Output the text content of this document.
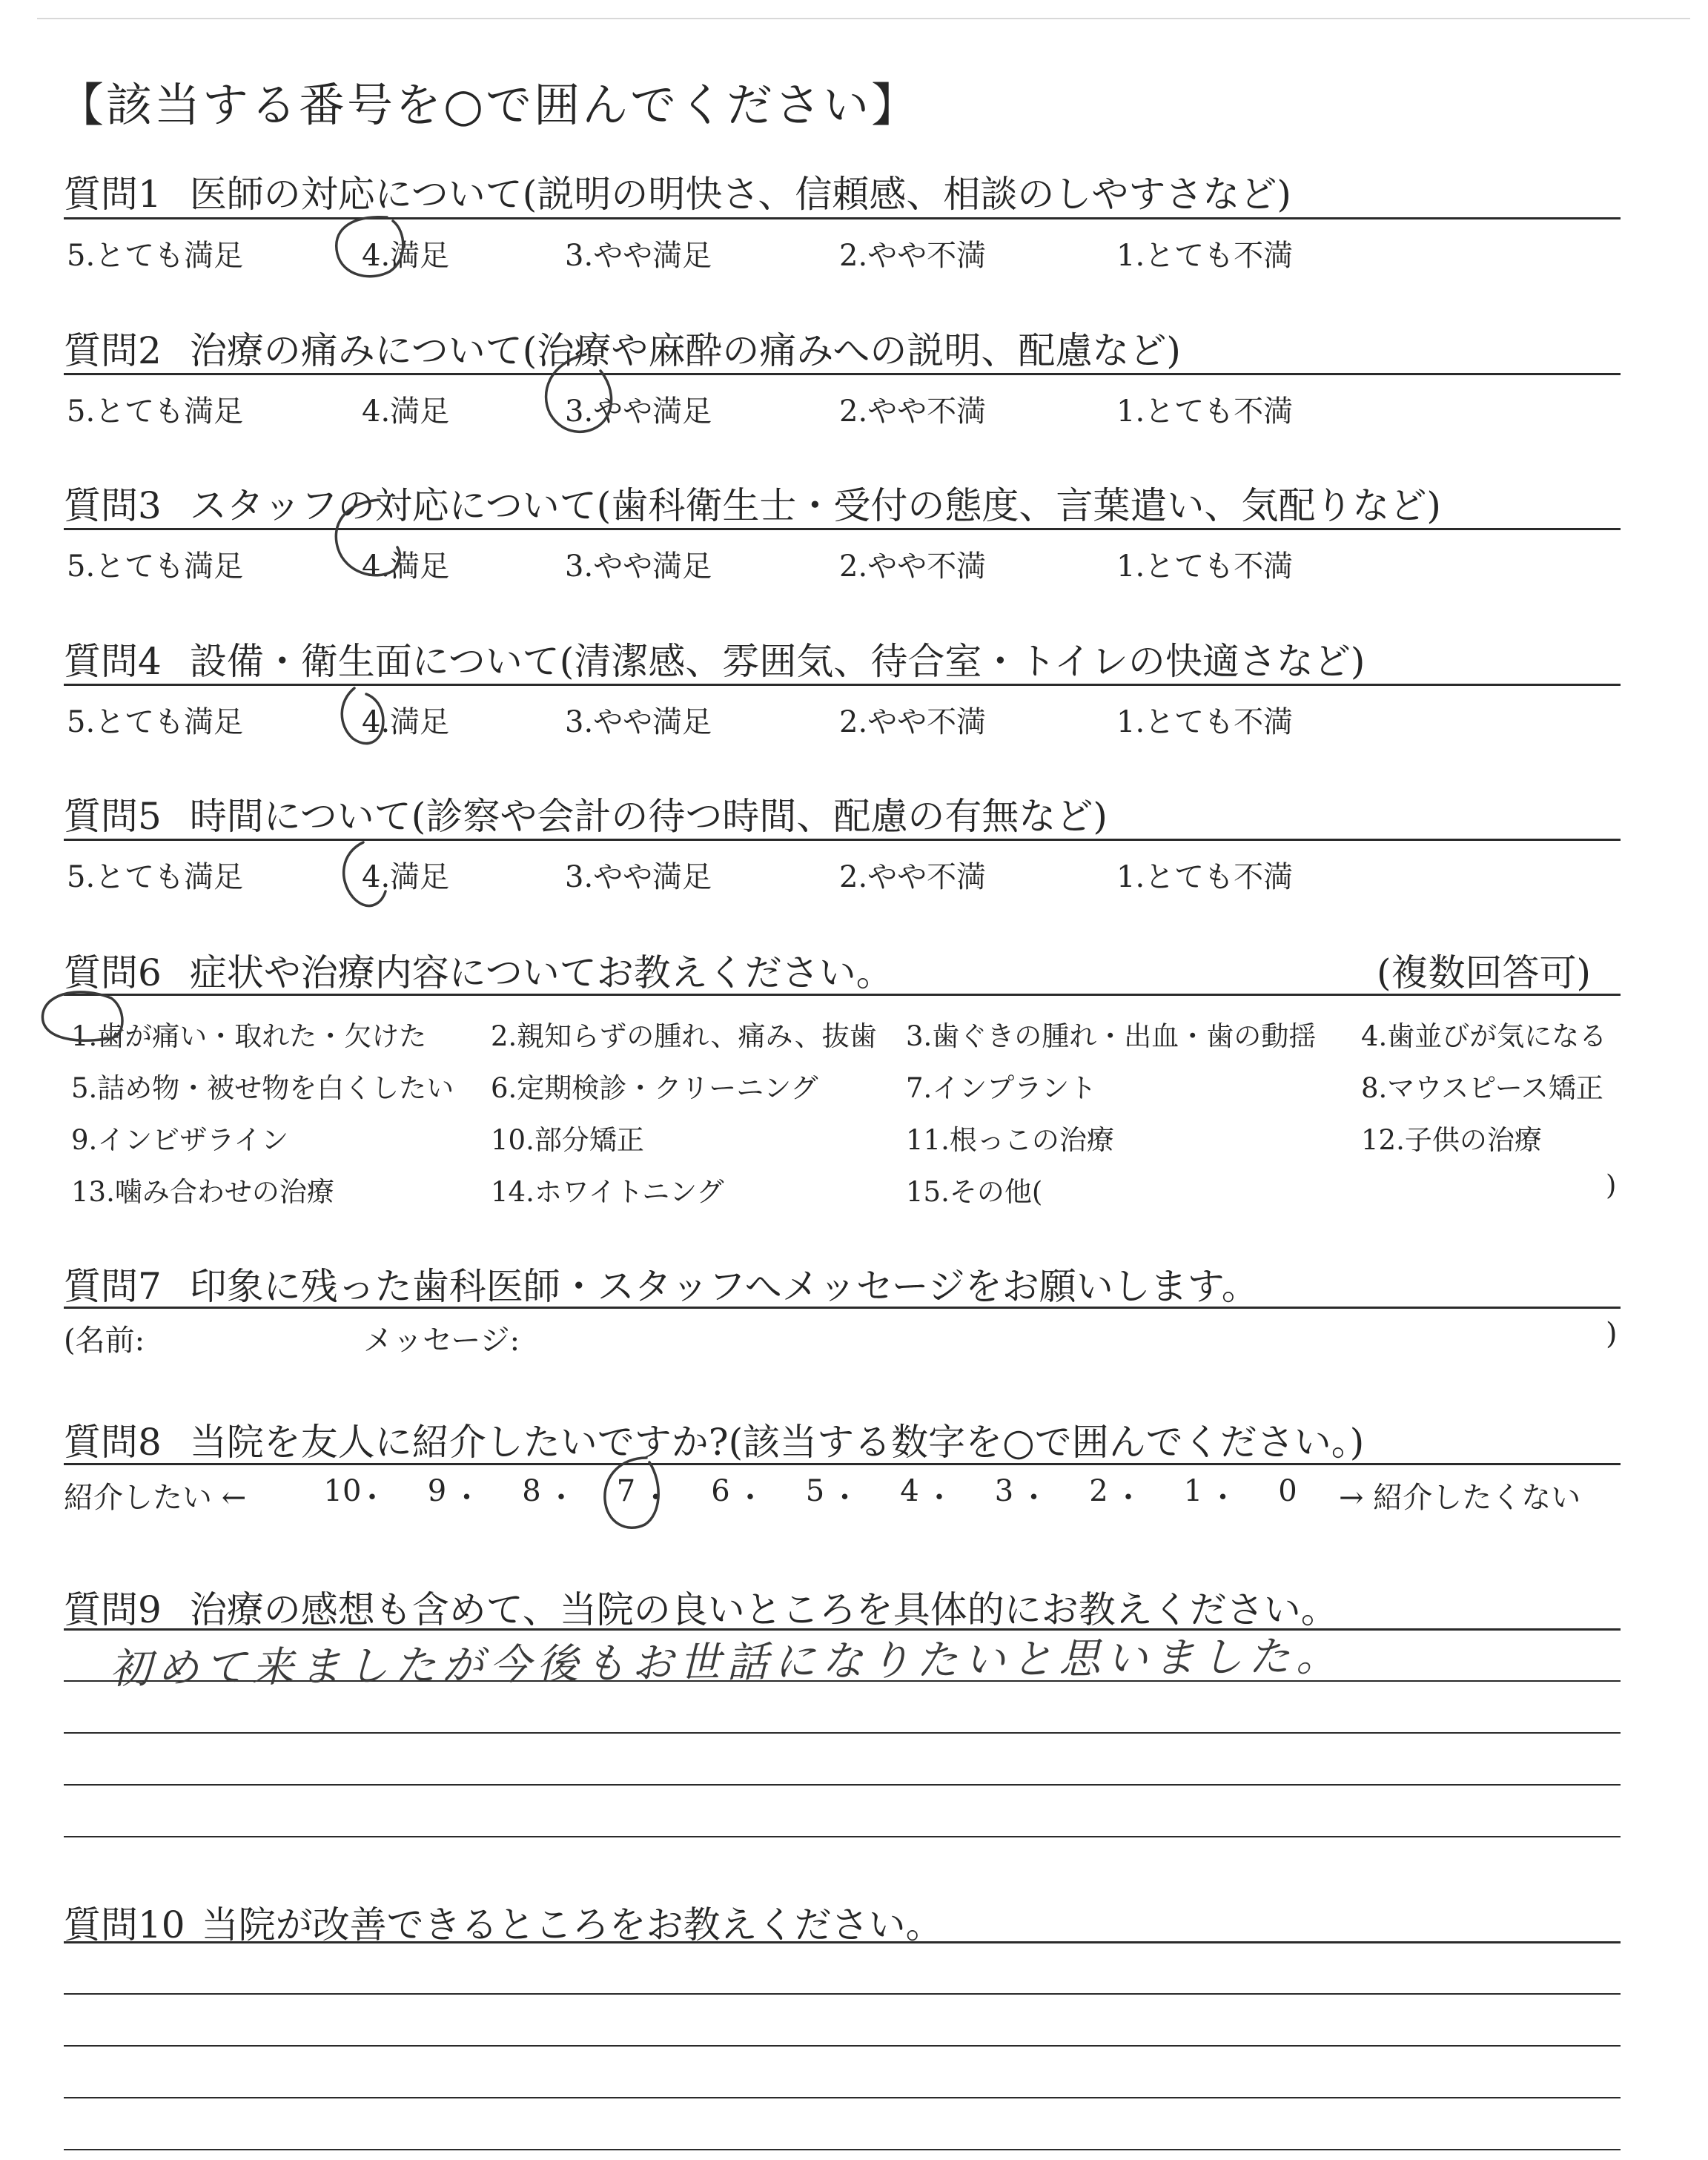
【該当する番号を○で囲んでください】
質問1 医師の対応について(説明の明快さ、信頼感、相談のしやすさなど)
5.とても満足	4.満足	3.やや満足	2.やや不満	1.とても不満
質問2 治療の痛みについて(治療や麻酔の痛みへの説明、配慮など)
5.とても満足	4.満足	3.やや満足	2.やや不満	1.とても不満
質問3 スタッフの対応について(歯科衛生士・受付の態度、言葉遣い、気配りなど)
5.とても満足	4.満足	3.やや満足	2.やや不満	1.とても不満
質問4 設備・衛生面について(清潔感、雰囲気、待合室・トイレの快適さなど)
5.とても満足	4.満足	3.やや満足	2.やや不満	1.とても不満
質問5 時間について(診察や会計の待つ時間、配慮の有無など)
5.とても満足	4.満足	3.やや満足	2.やや不満	1.とても不満
質問6 症状や治療内容についてお教えください。	(複数回答可)
1.歯が痛い・取れた・欠けた 2.親知らずの腫れ、痛み、抜歯 3.歯ぐきの腫れ・出血・歯の動揺 4.歯並びが気になる
5.詰め物・被せ物を白くしたい 6.定期検診・クリーニング	7.インプラント	8.マウスピース矯正
9.インビザライン	10.部分矯正	11.根っこの治療	12.子供の治療
13.噛み合わせの治療	14.ホワイトニング	15.その他(	)
質問7 印象に残った歯科医師・スタッフへメッセージをお願いします。
(名前:	メッセージ:	)
質問8 当院を友人に紹介したいですか?(該当する数字を○で囲んでください。)
紹介したい ←	10
・	9 ・	8 ・	7 ・	6 ・	5 ・	4 ・	3 ・	2 ・	1 ・	0	→ 紹介したくない
質問9 治療の感想も含めて、当院の良いところを具体的にお教えください。
初めて来ましたが今後もお世話になりたいと思いました。
質問10 当院が改善できるところをお教えください。
